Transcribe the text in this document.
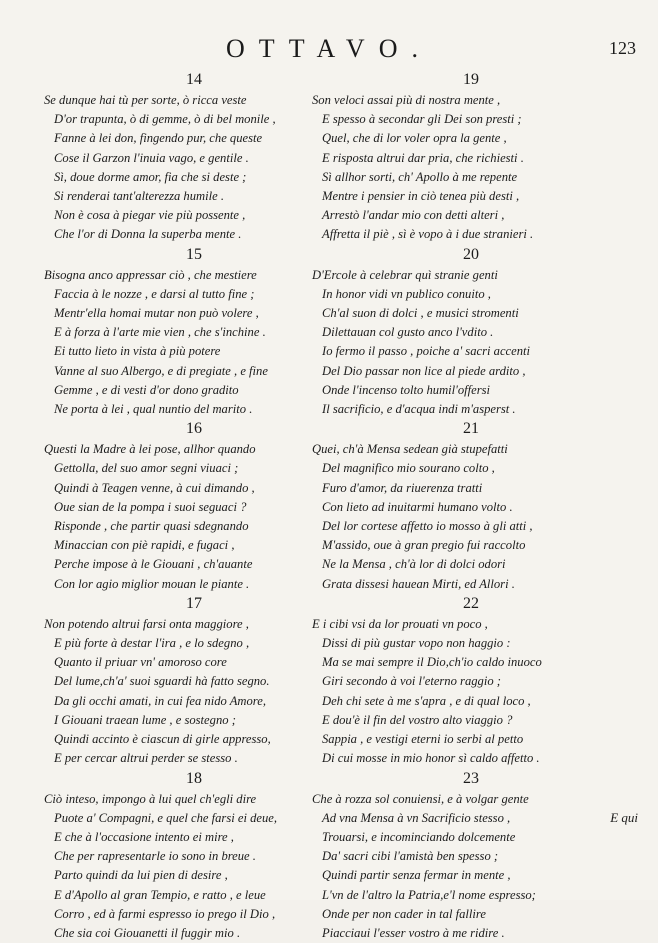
OTTAVO.	123
14
Se dunque hai tù per sorte, ò ricca veste
D'or trapunta, ò di gemme, ò di bel monile ,
Fanne à lei don, fingendo pur, che queste
Cose il Garzon l'inuia vago, e gentile .
Sì, doue dorme amor, fia che si deste ;
Si renderai tant'alterezza humile .
Non è cosa à piegar vie più possente ,
Che l'or di Donna la superba mente .
15
Bisogna anco appressar ciò , che mestiere
Faccia à le nozze , e darsi al tutto fine ;
Mentr'ella homai mutar non può volere ,
E à forza à l'arte mie vien , che s'inchine .
Ei tutto lieto in vista à più potere
Vanne al suo Albergo, e di pregiate , e fine
Gemme , e di vesti d'or dono gradito
Ne porta à lei , qual nuntio del marito .
16
Questi la Madre à lei pose, allhor quando
Gettolla, del suo amor segni viuaci ;
Quindi à Teagen venne, à cui dimando ,
Oue sian de la pompa i suoi seguaci ?
Risponde , che partir quasi sdegnando
Minaccian con piè rapidi, e fugaci ,
Perche impose à le Giouani , ch'auante
Con lor agio miglior mouan le piante .
17
Non potendo altrui farsi onta maggiore ,
E più forte à destar l'ira , e lo sdegno ,
Quanto il priuar vn' amoroso core
Del lume,ch'a' suoi sguardi hà fatto segno.
Da gli occhi amati, in cui fea nido Amore,
I Giouani traean lume , e sostegno ;
Quindi accinto è ciascun di girle appresso,
E per cercar altrui perder se stesso .
18
Ciò inteso, impongo à lui quel ch'egli dire
Puote a' Compagni, e quel che farsi ei deue,
E che à l'occasione intento ei mire ,
Che per rapresentarle io sono in breue .
Parto quindi da lui pien di desire ,
E d'Apollo al gran Tempio, e ratto , e leue
Corro , ed à farmi espresso io prego il Dio ,
Che sia coi Giouanetti il fuggir mio .
19
Son veloci assai più di nostra mente ,
E spesso à secondar gli Dei son presti ;
Quel, che di lor voler opra la gente ,
E risposta altrui dar pria, che richiesti .
Sì allhor sorti, ch' Apollo à me repente
Mentre i pensier in ciò tenea più desti ,
Arrestò l'andar mio con detti alteri ,
Affretta il piè , sì è vopo à i due stranieri .
20
D'Ercole à celebrar quì stranie genti
In honor vidi vn publico conuito ,
Ch'al suon di dolci , e musici stromenti
Dilettauan col gusto anco l'vdito .
Io fermo il passo , poiche a' sacri accenti
Del Dio passar non lice al piede ardito ,
Onde l'incenso tolto humil'offersi
Il sacrificio, e d'acqua indi m'asperst .
21
Quei, ch'à Mensa sedean già stupefatti
Del magnifico mio sourano colto ,
Furo d'amor, da riuerenza tratti
Con lieto ad inuitarmi humano volto .
Del lor cortese affetto io mosso à gli atti ,
M'assido, oue à gran pregio fui raccolto
Ne la Mensa , ch'à lor di dolci odori
Grata dissesi hauean Mirti, ed Allori .
22
E i cibi vsi da lor prouati vn poco ,
Dissi di più gustar vopo non haggio :
Ma se mai sempre il Dio,ch'io caldo inuoco
Giri secondo à voi l'eterno raggio ;
Deh chi sete à me s'apra , e di qual loco ,
E dou'è il fin del vostro alto viaggio ?
Sappia , e vestigi eterni io serbi al petto
Di cui mosse in mio honor sì caldo affetto .
23
Che à rozza sol conuiensi, e à volgar gente
Ad vna Mensa à vn Sacrificio stesso ,
Trouarsi, e incominciando dolcemente
Da' sacri cibi l'amistà ben spesso ;
Quindi partir senza fermar in mente ,
L'vn de l'altro la Patria,e'l nome espresso;
Onde per non cader in tal fallire
Piacciaui l'esser vostro à me ridire .
E qui
